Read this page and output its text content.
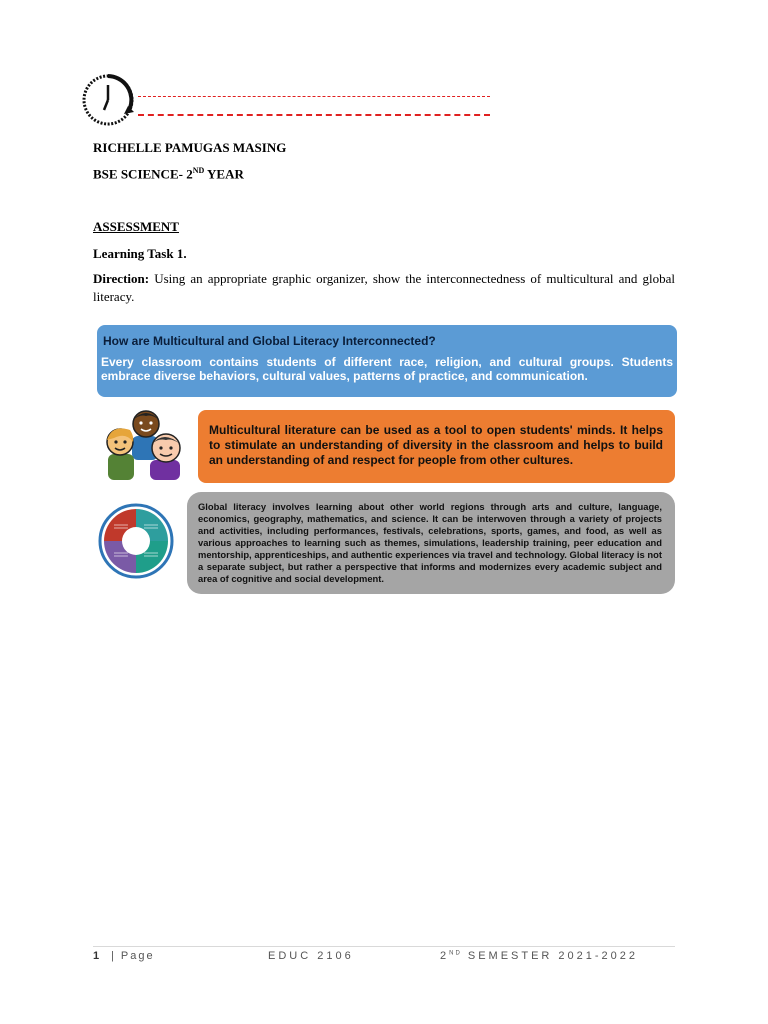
RICHELLE PAMUGAS MASING
BSE SCIENCE- 2ND YEAR
ASSESSMENT
Learning Task 1.
Direction: Using an appropriate graphic organizer, show the interconnectedness of multicultural and global literacy.
How are Multicultural and Global Literacy Interconnected?
Every classroom contains students of different race, religion, and cultural groups. Students embrace diverse behaviors, cultural values, patterns of practice, and communication.
Multicultural literature can be used as a tool to open students' minds. It helps to stimulate an understanding of diversity in the classroom and helps to build an understanding of and respect for people from other cultures.
Global literacy involves learning about other world regions through arts and culture, language, economics, geography, mathematics, and science. It can be interwoven through a variety of projects and activities, including performances, festivals, celebrations, sports, games, and food, as well as various approaches to learning such as themes, simulations, leadership training, peer education and mentorship, apprenticeships, and authentic experiences via travel and technology. Global literacy is not a separate subject, but rather a perspective that informs and modernizes every academic subject and area of cognitive and social development.
1 | Page	EDUC 2106	2ND SEMESTER 2021-2022
